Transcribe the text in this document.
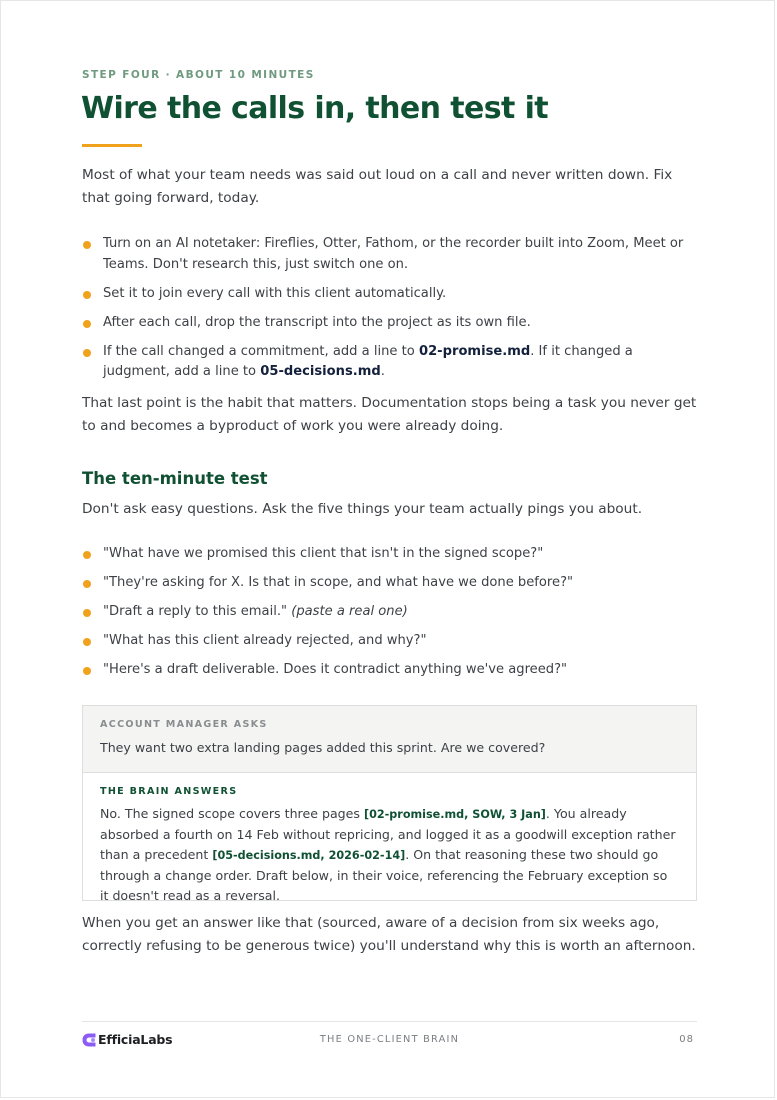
STEP FOUR · ABOUT 10 MINUTES
Wire the calls in, then test it

Most of what your team needs was said out loud on a call and never written down. Fix that going forward, today.

Turn on an AI notetaker: Fireflies, Otter, Fathom, or the recorder built into Zoom, Meet or Teams. Don't research this, just switch one on.
Set it to join every call with this client automatically.
After each call, drop the transcript into the project as its own file.
If the call changed a commitment, add a line to 02-promise.md. If it changed a judgment, add a line to 05-decisions.md.

That last point is the habit that matters. Documentation stops being a task you never get to and becomes a byproduct of work you were already doing.

The ten-minute test

Don't ask easy questions. Ask the five things your team actually pings you about.

"What have we promised this client that isn't in the signed scope?"
"They're asking for X. Is that in scope, and what have we done before?"
"Draft a reply to this email." (paste a real one)
"What has this client already rejected, and why?"
"Here's a draft deliverable. Does it contradict anything we've agreed?"
ACCOUNT MANAGER ASKS
They want two extra landing pages added this sprint. Are we covered?
THE BRAIN ANSWERS
No. The signed scope covers three pages [02-promise.md, SOW, 3 Jan]. You already absorbed a fourth on 14 Feb without repricing, and logged it as a goodwill exception rather than a precedent [05-decisions.md, 2026-02-14]. On that reasoning these two should go through a change order. Draft below, in their voice, referencing the February exception so it doesn't read as a reversal.

When you get an answer like that (sourced, aware of a decision from six weeks ago, correctly refusing to be generous twice) you'll understand why this is worth an afternoon.

EfficiaLabs	THE ONE-CLIENT BRAIN	08
